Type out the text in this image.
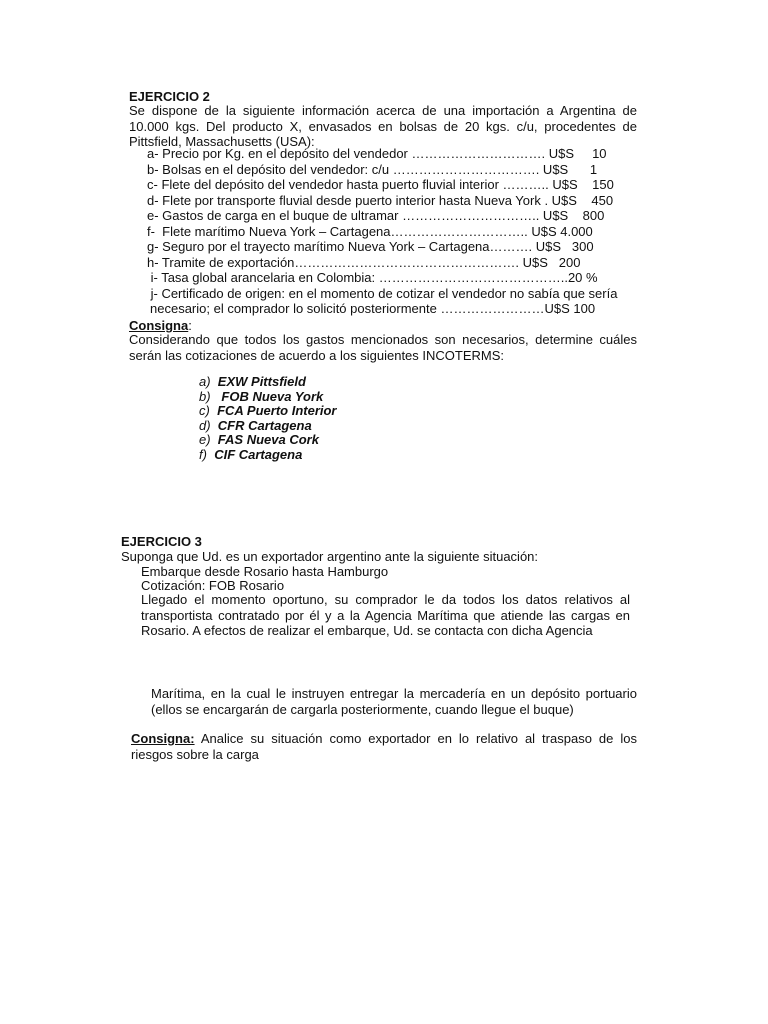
EJERCICIO 2
Se dispone de la siguiente información acerca de una importación a Argentina de 10.000 kgs. Del producto X, envasados en bolsas de 20 kgs. c/u, procedentes de Pittsfield, Massachusetts (USA):
a- Precio por Kg. en el depósito del vendedor …………………………. U$S     10
b- Bolsas en el depósito del vendedor: c/u ……………………………. U$S      1
c- Flete del depósito del vendedor hasta puerto fluvial interior ……….. U$S    150
d- Flete por transporte fluvial desde puerto interior hasta Nueva York . U$S    450
e- Gastos de carga en el buque de ultramar ………………………….. U$S    800
f-  Flete marítimo Nueva York – Cartagena………………………….. U$S 4.000
g- Seguro por el trayecto marítimo Nueva York – Cartagena………. U$S   300
h- Tramite de exportación……………………………………………. U$S   200
i- Tasa global arancelaria en Colombia: ……………………………………..20 %
j- Certificado de origen: en el momento de cotizar el vendedor no sabía que sería
necesario; el comprador lo solicitó posteriormente ……………………U$S 100
Consigna:
Considerando que todos los gastos mencionados son necesarios, determine cuáles serán las cotizaciones de acuerdo a los siguientes INCOTERMS:
a) EXW Pittsfield
b)   FOB Nueva York
c) FCA Puerto Interior
d) CFR Cartagena
e) FAS Nueva Cork
f) CIF Cartagena
EJERCICIO 3
Suponga que Ud. es un exportador argentino ante la siguiente situación:
Embarque desde Rosario hasta Hamburgo
Cotización: FOB Rosario
Llegado el momento oportuno, su comprador le da todos los datos relativos al transportista contratado por él y a la Agencia Marítima que atiende las cargas en Rosario. A efectos de realizar el embarque, Ud. se contacta con dicha Agencia
Marítima, en la cual le instruyen entregar la mercadería en un depósito portuario (ellos se encargarán de cargarla posteriormente, cuando llegue el buque)
Consigna: Analice su situación como exportador en lo relativo al traspaso de los riesgos sobre la carga
